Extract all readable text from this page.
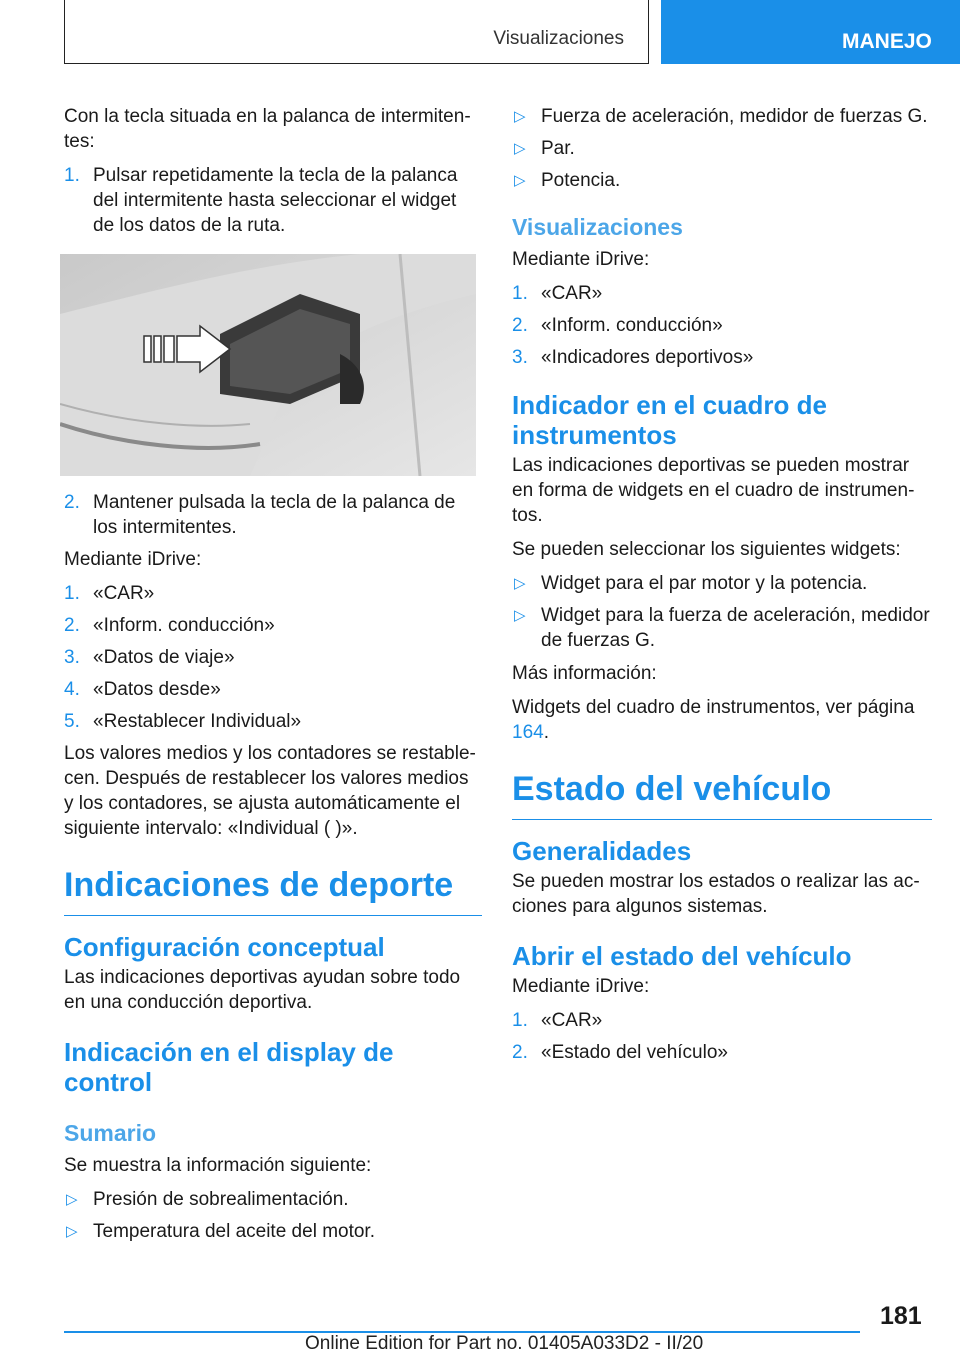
Visualizaciones	MANEJO

Con la tecla situada en la palanca de intermitentes:

1. Pulsar repetidamente la tecla de la palanca del intermitente hasta seleccionar el widget de los datos de la ruta.
2. Mantener pulsada la tecla de la palanca de los intermitentes.

Mediante iDrive:

1. «CAR»
2. «Inform. conducción»
3. «Datos de viaje»
4. «Datos desde»
5. «Restablecer Individual»

Los valores medios y los contadores se restablecen. Después de restablecer los valores medios y los contadores, se ajusta automáticamente el siguiente intervalo: «Individual ( )».

Indicaciones de deporte
Configuración conceptual

Las indicaciones deportivas ayudan sobre todo en una conducción deportiva.

Indicación en el display de control
Sumario

Se muestra la información siguiente:

▷ Presión de sobrealimentación.
▷ Temperatura del aceite del motor.
▷ Fuerza de aceleración, medidor de fuerzas G.
▷ Par.
▷ Potencia.
Visualizaciones

Mediante iDrive:

1. «CAR»
2. «Inform. conducción»
3. «Indicadores deportivos»
Indicador en el cuadro de instrumentos

Las indicaciones deportivas se pueden mostrar en forma de widgets en el cuadro de instrumentos.

Se pueden seleccionar los siguientes widgets:

▷ Widget para el par motor y la potencia.
▷ Widget para la fuerza de aceleración, medidor de fuerzas G.

Más información:

Widgets del cuadro de instrumentos, ver página 164.

Estado del vehículo
Generalidades

Se pueden mostrar los estados o realizar las acciones para algunos sistemas.

Abrir el estado del vehículo

Mediante iDrive:

1. «CAR»
2. «Estado del vehículo»
181
Online Edition for Part no. 01405A033D2 - II/20
